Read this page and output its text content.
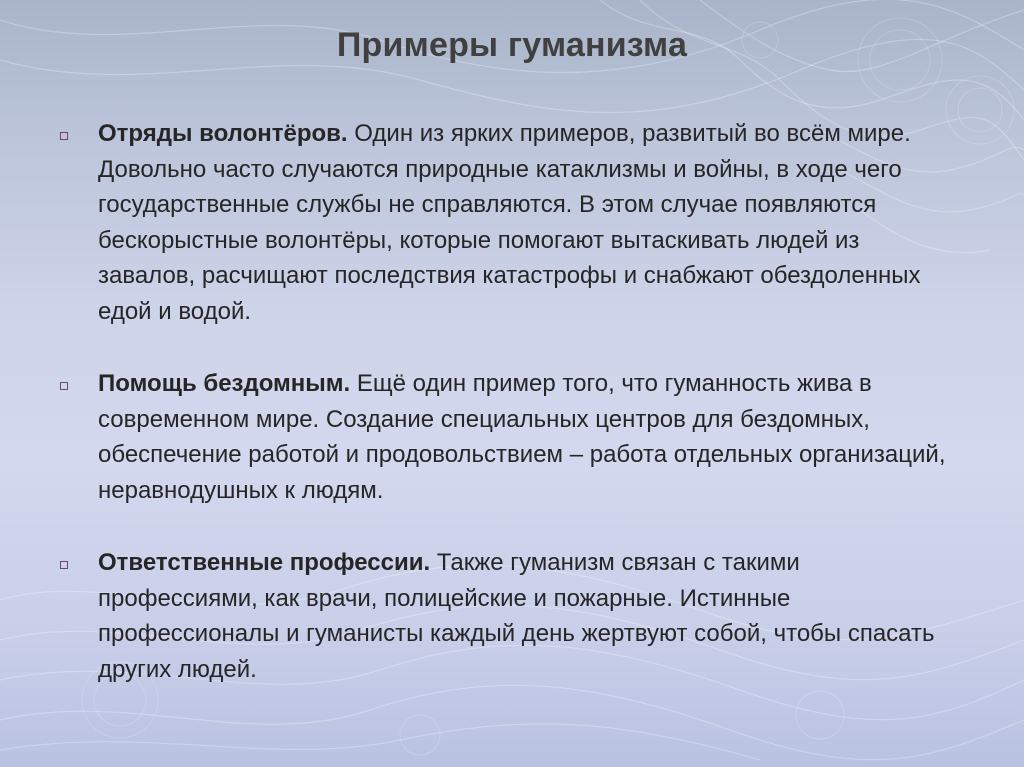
Примеры гуманизма
Отряды волонтёров. Один из ярких примеров, развитый во всём мире. Довольно часто случаются природные катаклизмы и войны, в ходе чего государственные службы не справляются. В этом случае появляются бескорыстные волонтёры, которые помогают вытаскивать людей из завалов, расчищают последствия катастрофы и снабжают обездоленных едой и водой.
Помощь бездомным. Ещё один пример того, что гуманность жива в современном мире. Создание специальных центров для бездомных, обеспечение работой и продовольствием – работа отдельных организаций, неравнодушных к людям.
Ответственные профессии. Также гуманизм связан с такими профессиями, как врачи, полицейские и пожарные. Истинные профессионалы и гуманисты каждый день жертвуют собой, чтобы спасать других людей.
